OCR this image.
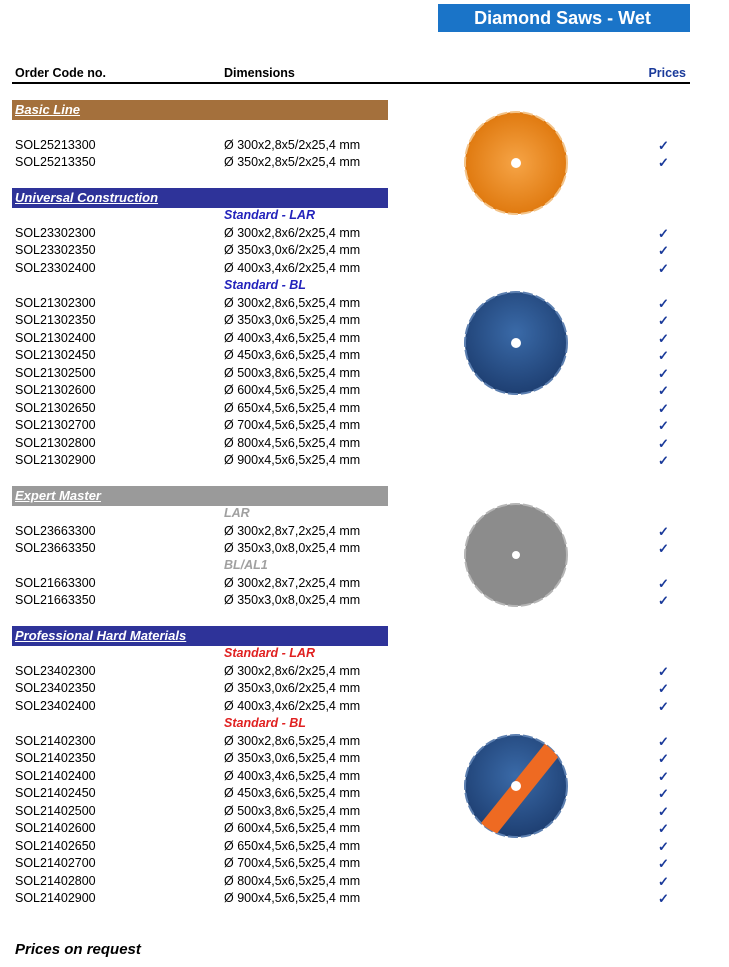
Diamond Saws - Wet
Order Code no.	Dimensions	Prices
Basic Line
SOL25213300	Ø 300x2,8x5/2x25,4 mm	✓
SOL25213350	Ø 350x2,8x5/2x25,4 mm	✓
Universal Construction
Standard - LAR
SOL23302300	Ø 300x2,8x6/2x25,4 mm	✓
SOL23302350	Ø 350x3,0x6/2x25,4 mm	✓
SOL23302400	Ø 400x3,4x6/2x25,4 mm	✓
Standard - BL
SOL21302300	Ø 300x2,8x6,5x25,4 mm	✓
SOL21302350	Ø 350x3,0x6,5x25,4 mm	✓
SOL21302400	Ø 400x3,4x6,5x25,4 mm	✓
SOL21302450	Ø 450x3,6x6,5x25,4 mm	✓
SOL21302500	Ø 500x3,8x6,5x25,4 mm	✓
SOL21302600	Ø 600x4,5x6,5x25,4 mm	✓
SOL21302650	Ø 650x4,5x6,5x25,4 mm	✓
SOL21302700	Ø 700x4,5x6,5x25,4 mm	✓
SOL21302800	Ø 800x4,5x6,5x25,4 mm	✓
SOL21302900	Ø 900x4,5x6,5x25,4 mm	✓
Expert Master
LAR
SOL23663300	Ø 300x2,8x7,2x25,4 mm	✓
SOL23663350	Ø 350x3,0x8,0x25,4 mm	✓
BL/AL1
SOL21663300	Ø 300x2,8x7,2x25,4 mm	✓
SOL21663350	Ø 350x3,0x8,0x25,4 mm	✓
Professional Hard Materials
Standard - LAR
SOL23402300	Ø 300x2,8x6/2x25,4 mm	✓
SOL23402350	Ø 350x3,0x6/2x25,4 mm	✓
SOL23402400	Ø 400x3,4x6/2x25,4 mm	✓
Standard - BL
SOL21402300	Ø 300x2,8x6,5x25,4 mm	✓
SOL21402350	Ø 350x3,0x6,5x25,4 mm	✓
SOL21402400	Ø 400x3,4x6,5x25,4 mm	✓
SOL21402450	Ø 450x3,6x6,5x25,4 mm	✓
SOL21402500	Ø 500x3,8x6,5x25,4 mm	✓
SOL21402600	Ø 600x4,5x6,5x25,4 mm	✓
SOL21402650	Ø 650x4,5x6,5x25,4 mm	✓
SOL21402700	Ø 700x4,5x6,5x25,4 mm	✓
SOL21402800	Ø 800x4,5x6,5x25,4 mm	✓
SOL21402900	Ø 900x4,5x6,5x25,4 mm	✓
Prices on request
